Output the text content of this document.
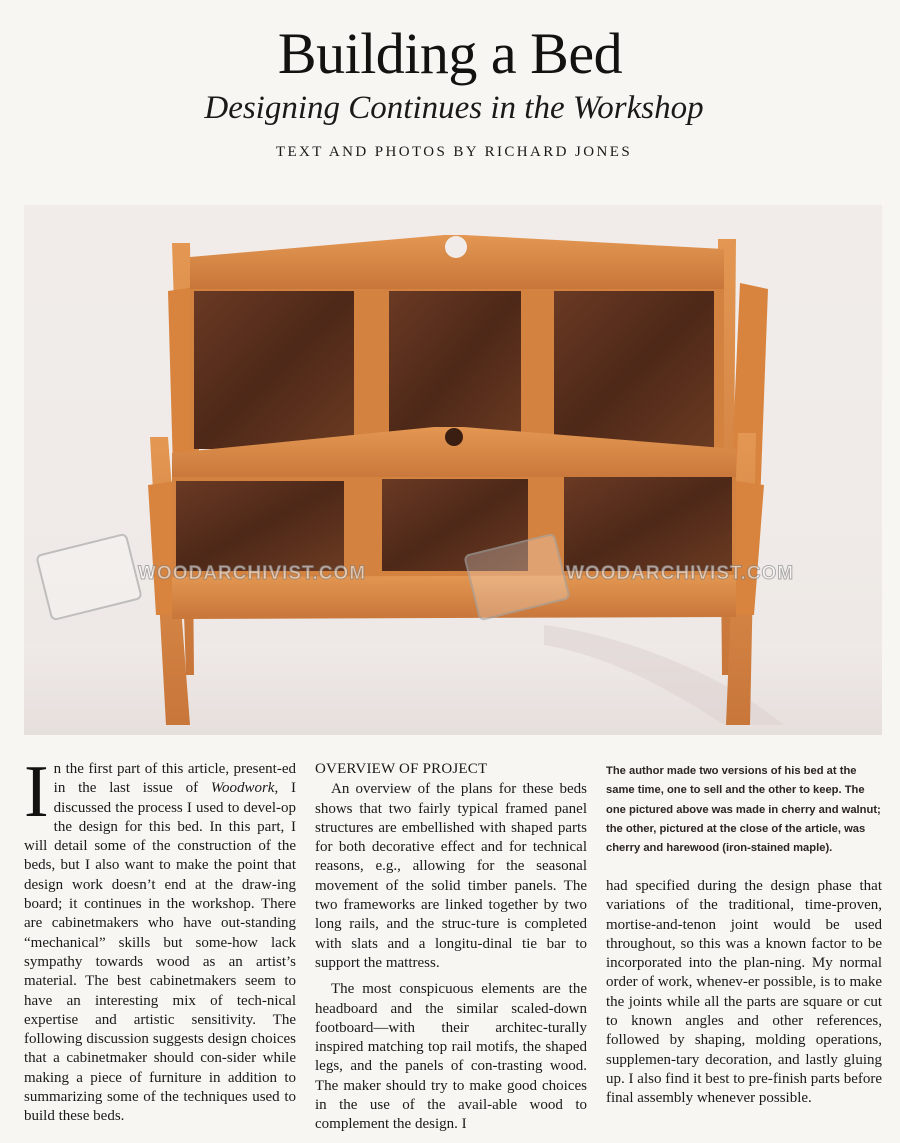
Building a Bed
Designing Continues in the Workshop
TEXT AND PHOTOS BY RICHARD JONES
WOODARCHIVIST.COM	WOODARCHIVIST.COM

In the first part of this article, present-ed in the last issue of Woodwork, I discussed the process I used to devel-op the design for this bed. In this part, I will detail some of the construction of the beds, but I also want to make the point that design work doesn’t end at the draw-ing board; it continues in the workshop. There are cabinetmakers who have out-standing “mechanical” skills but some-how lack sympathy towards wood as an artist’s material. The best cabinetmakers seem to have an interesting mix of tech-nical expertise and artistic sensitivity. The following discussion suggests design choices that a cabinetmaker should con-sider while making a piece of furniture in addition to summarizing some of the techniques used to build these beds.

OVERVIEW OF PROJECT

An overview of the plans for these beds shows that two fairly typical framed panel structures are embellished with shaped parts for both decorative effect and for technical reasons, e.g., allowing for the seasonal movement of the solid timber panels. The two frameworks are linked together by two long rails, and the struc-ture is completed with slats and a longitu-dinal tie bar to support the mattress.

The most conspicuous elements are the headboard and the similar scaled-down footboard—with their architec-turally inspired matching top rail motifs, the shaped legs, and the panels of con-trasting wood. The maker should try to make good choices in the use of the avail-able wood to complement the design. I

The author made two versions of his bed at the same time, one to sell and the other to keep. The one pictured above was made in cherry and walnut; the other, pictured at the close of the article, was cherry and harewood (iron-stained maple).

had specified during the design phase that variations of the traditional, time-proven, mortise-and-tenon joint would be used throughout, so this was a known factor to be incorporated into the plan-ning. My normal order of work, whenev-er possible, is to make the joints while all the parts are square or cut to known angles and other references, followed by shaping, molding operations, supplemen-tary decoration, and lastly gluing up. I also find it best to pre-finish parts before final assembly whenever possible.
